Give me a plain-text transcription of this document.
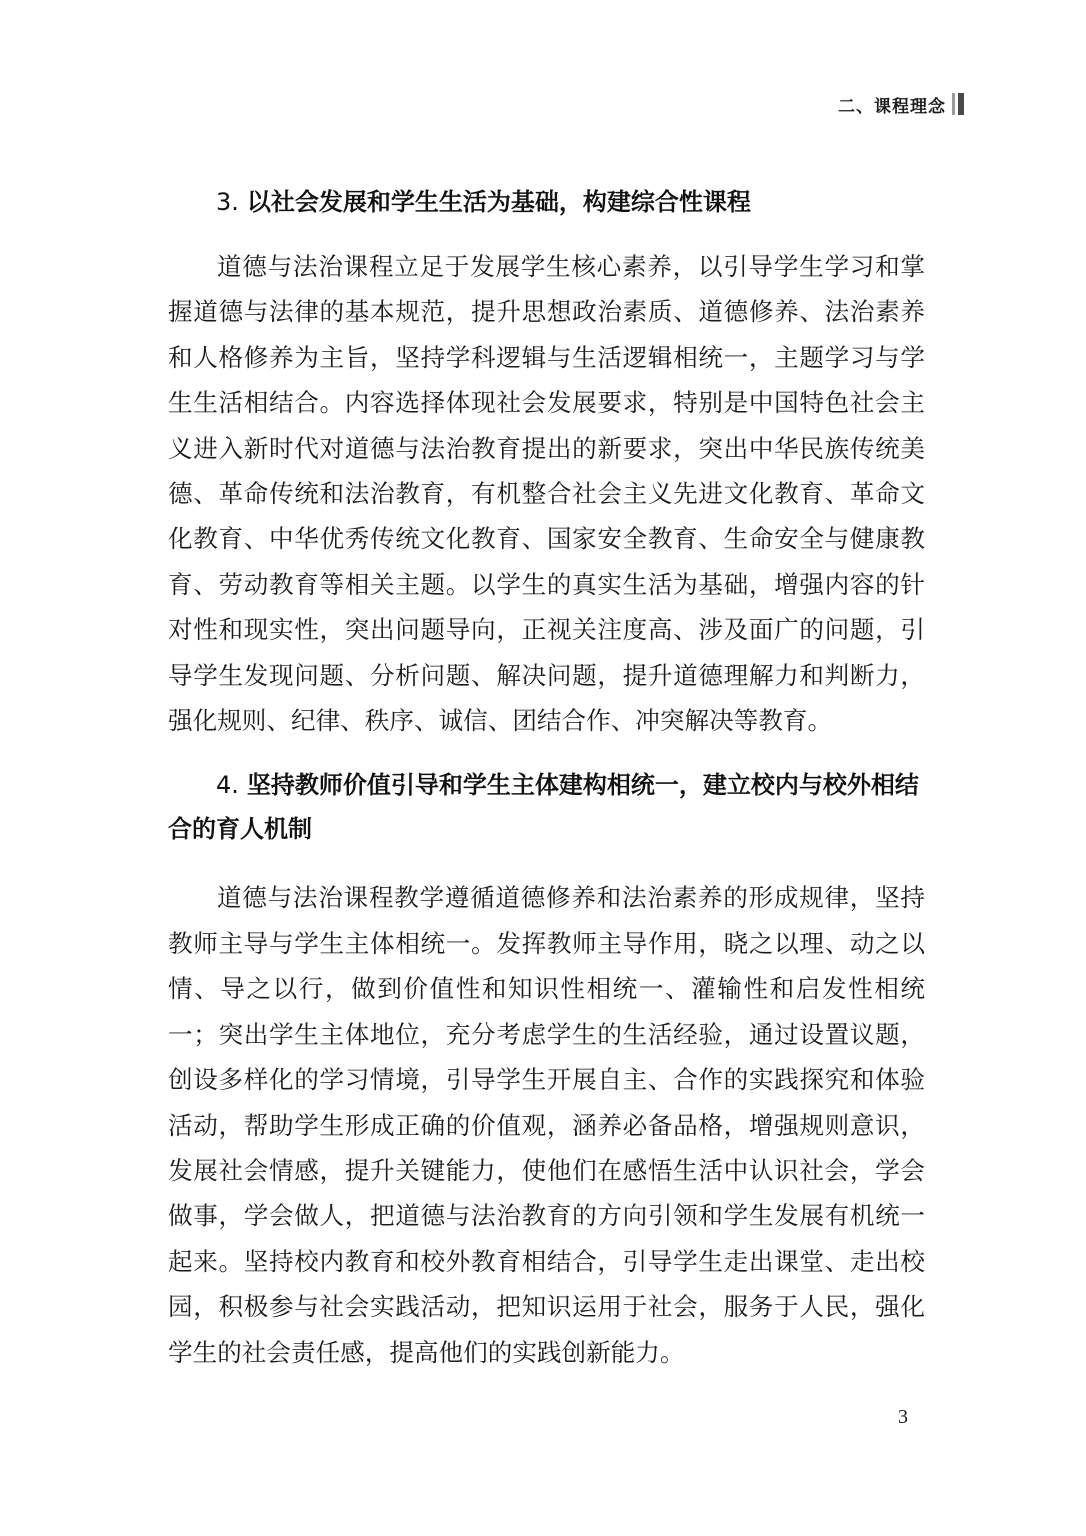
二、课程理念
3. 以社会发展和学生生活为基础，构建综合性课程

道德与法治课程立足于发展学生核心素养，以引导学生学习和掌握道德与法律的基本规范，提升思想政治素质、道德修养、法治素养和人格修养为主旨，坚持学科逻辑与生活逻辑相统一，主题学习与学生生活相结合。内容选择体现社会发展要求，特别是中国特色社会主义进入新时代对道德与法治教育提出的新要求，突出中华民族传统美德、革命传统和法治教育，有机整合社会主义先进文化教育、革命文化教育、中华优秀传统文化教育、国家安全教育、生命安全与健康教育、劳动教育等相关主题。以学生的真实生活为基础，增强内容的针对性和现实性，突出问题导向，正视关注度高、涉及面广的问题，引导学生发现问题、分析问题、解决问题，提升道德理解力和判断力，强化规则、纪律、秩序、诚信、团结合作、冲突解决等教育。

4. 坚持教师价值引导和学生主体建构相统一，建立校内与校外相结合的育人机制

道德与法治课程教学遵循道德修养和法治素养的形成规律，坚持教师主导与学生主体相统一。发挥教师主导作用，晓之以理、动之以情、导之以行，做到价值性和知识性相统一、灌输性和启发性相统一；突出学生主体地位，充分考虑学生的生活经验，通过设置议题，创设多样化的学习情境，引导学生开展自主、合作的实践探究和体验活动，帮助学生形成正确的价值观，涵养必备品格，增强规则意识，发展社会情感，提升关键能力，使他们在感悟生活中认识社会，学会做事，学会做人，把道德与法治教育的方向引领和学生发展有机统一起来。坚持校内教育和校外教育相结合，引导学生走出课堂、走出校园，积极参与社会实践活动，把知识运用于社会，服务于人民，强化学生的社会责任感，提高他们的实践创新能力。

3
